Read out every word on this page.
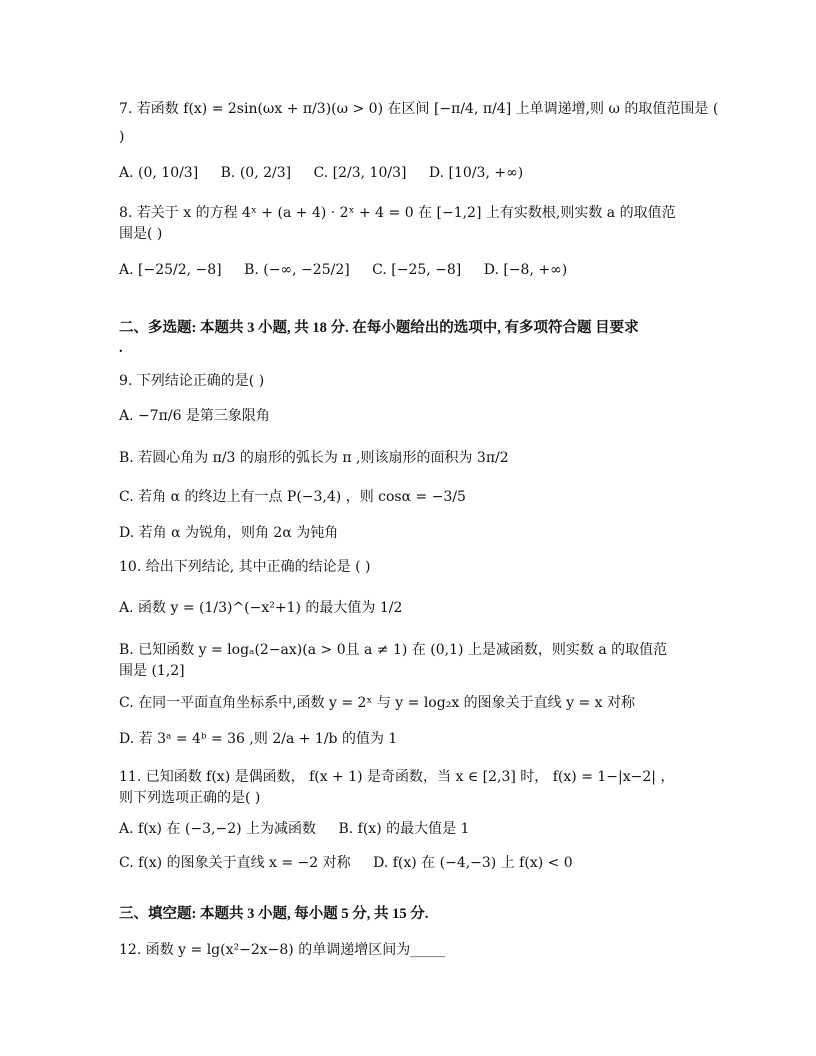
7. 若函数 f(x) = 2sin(ωx + π/3)(ω > 0) 在区间 [−π/4, π/4] 上单调递增,则 ω 的取值范围是 (
)
A. (0, 10/3] B. (0, 2/3] C. [2/3, 10/3] D. [10/3, +∞)
8. 若关于 x 的方程 4ˣ + (a + 4) · 2ˣ + 4 = 0 在 [−1,2] 上有实数根,则实数 a 的取值范
围是( )
A. [−25/2, −8] B. (−∞, −25/2] C. [−25, −8] D. [−8, +∞)
二、多选题: 本题共 3 小题, 共 18 分. 在每小题给出的选项中, 有多项符合题 目要求
.
9. 下列结论正确的是( )
A. −7π/6 是第三象限角
B. 若圆心角为 π/3 的扇形的弧长为 π ,则该扇形的面积为 3π/2
C. 若角 α 的终边上有一点 P(−3,4) ，则 cosα = −3/5
D. 若角 α 为锐角，则角 2α 为钝角
10. 给出下列结论, 其中正确的结论是 ( )
A. 函数 y = (1/3)^(−x²+1) 的最大值为 1/2
B. 已知函数 y = logₐ(2−ax)(a > 0且 a ≠ 1) 在 (0,1) 上是减函数，则实数 a 的取值范
围是 (1,2]
C. 在同一平面直角坐标系中,函数 y = 2ˣ 与 y = log₂x 的图象关于直线 y = x 对称
D. 若 3ᵃ = 4ᵇ = 36 ,则 2/a + 1/b 的值为 1
11. 已知函数 f(x) 是偶函数， f(x + 1) 是奇函数，当 x ∈ [2,3] 时， f(x) = 1−|x−2| ，
则下列选项正确的是( )
A. f(x) 在 (−3,−2) 上为减函数 B. f(x) 的最大值是 1
C. f(x) 的图象关于直线 x = −2 对称 D. f(x) 在 (−4,−3) 上 f(x) < 0
三、填空题: 本题共 3 小题, 每小题 5 分, 共 15 分.
12. 函数 y = lg(x²−2x−8) 的单调递增区间为_____
